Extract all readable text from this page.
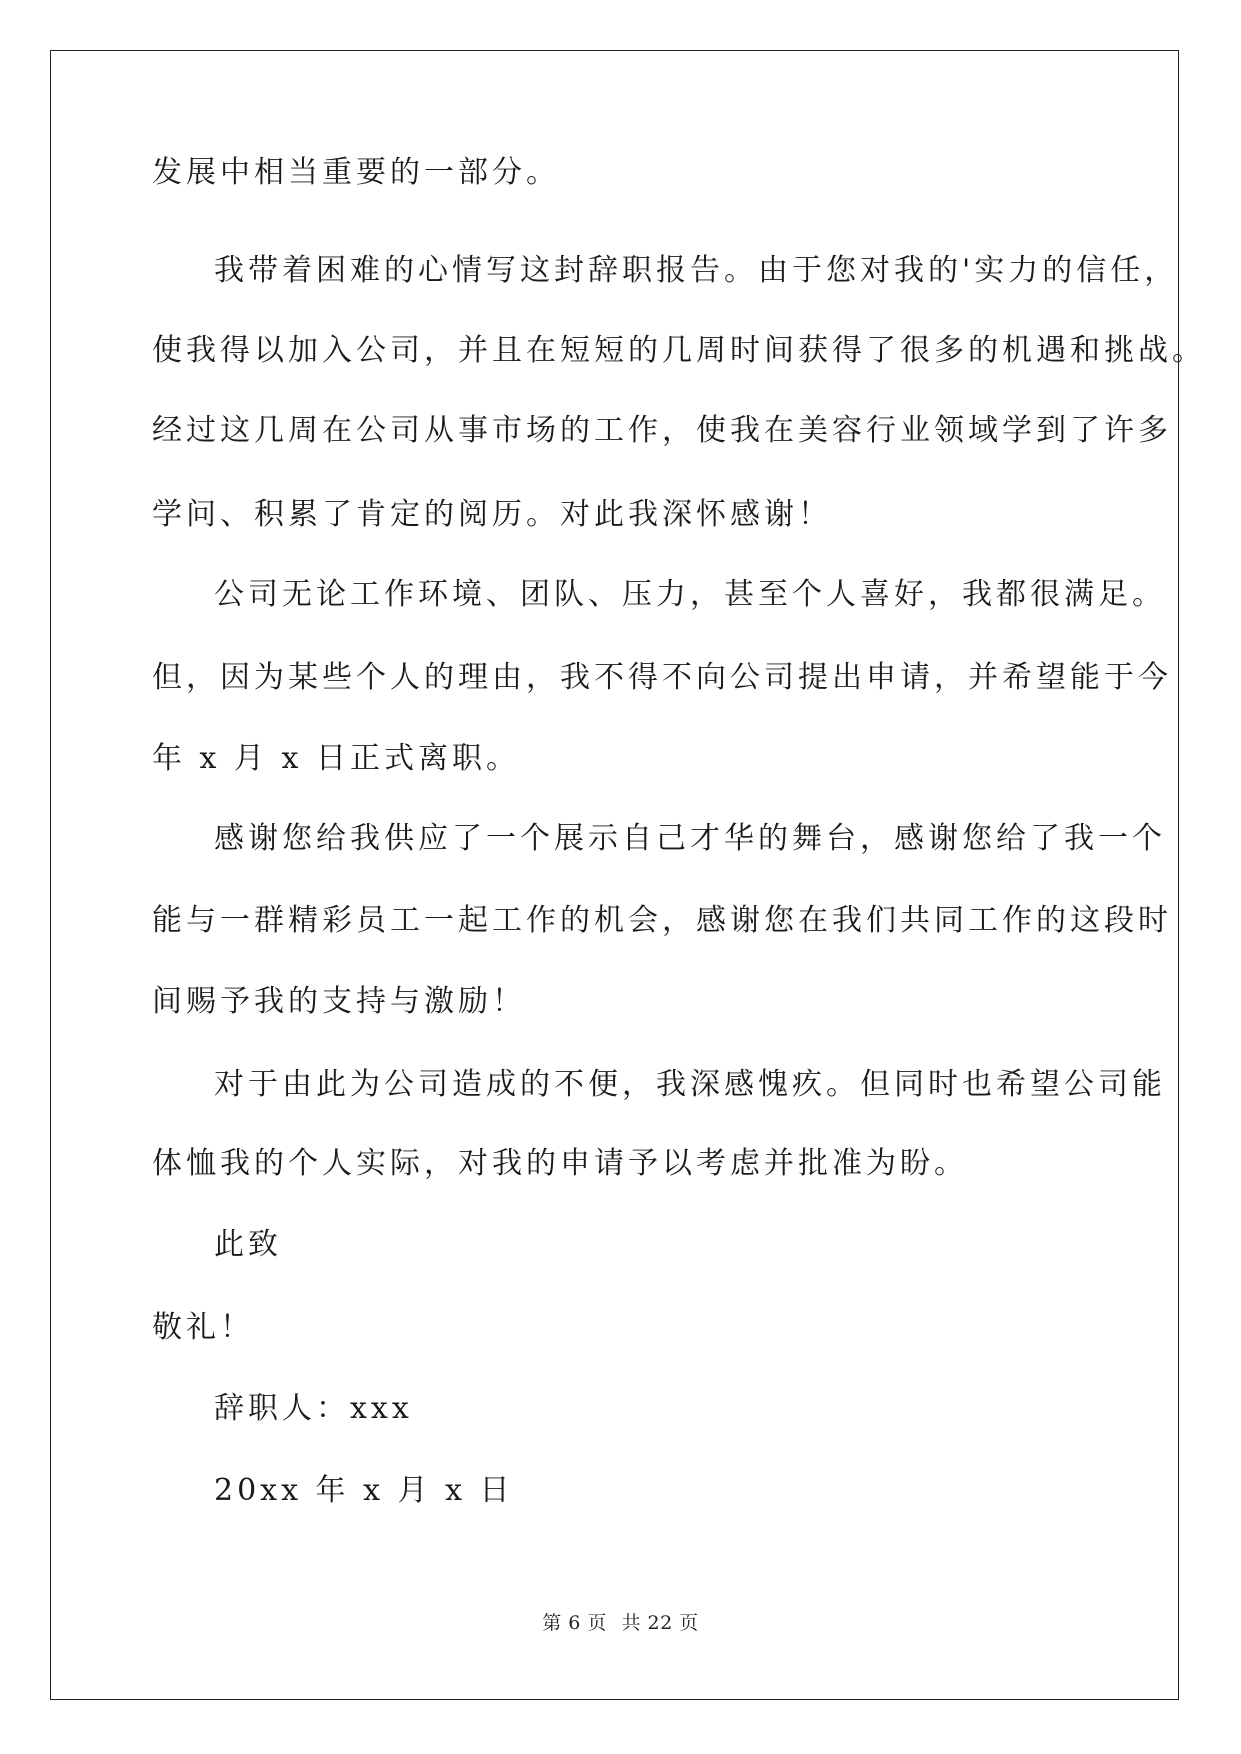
发展中相当重要的一部分。
我带着困难的心情写这封辞职报告。由于您对我的'实力的信任，
使我得以加入公司，并且在短短的几周时间获得了很多的机遇和挑战。
经过这几周在公司从事市场的工作，使我在美容行业领域学到了许多
学问、积累了肯定的阅历。对此我深怀感谢！
公司无论工作环境、团队、压力，甚至个人喜好，我都很满足。
但，因为某些个人的理由，我不得不向公司提出申请，并希望能于今
年 x 月 x 日正式离职。
感谢您给我供应了一个展示自己才华的舞台，感谢您给了我一个
能与一群精彩员工一起工作的机会，感谢您在我们共同工作的这段时
间赐予我的支持与激励！
对于由此为公司造成的不便，我深感愧疚。但同时也希望公司能
体恤我的个人实际，对我的申请予以考虑并批准为盼。
此致
敬礼！
辞职人：xxx
20xx 年 x 月 x 日
第 6 页 共 22 页
